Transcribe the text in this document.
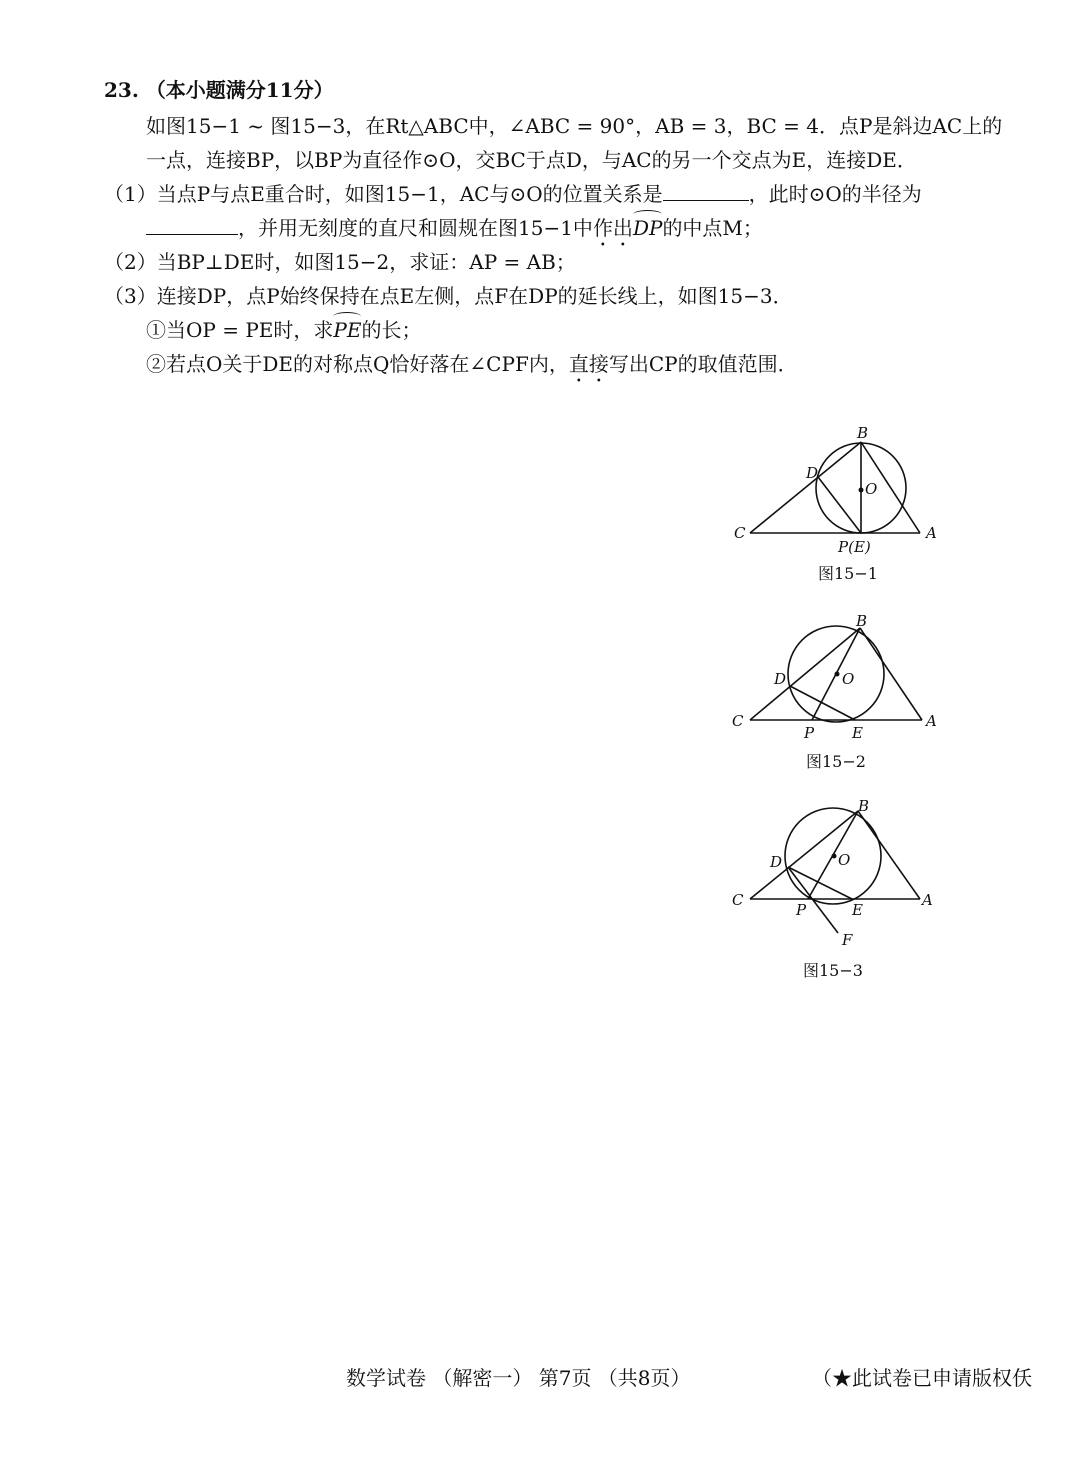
23. （本小题满分11分）
如图15−1 ~ 图15−3，在Rt△ABC中，∠ABC = 90°，AB = 3，BC = 4．点P是斜边AC上的
一点，连接BP，以BP为直径作⊙O，交BC于点D，与AC的另一个交点为E，连接DE．
（1）当点P与点E重合时，如图15−1，AC与⊙O的位置关系是	，此时⊙O的半径为
，并用无刻度的直尺和圆规在图15−1中作出DP的中点M；
（2）当BP⊥DE时，如图15−2，求证：AP = AB；
（3）连接DP，点P始终保持在点E左侧，点F在DP的延长线上，如图15−3．
①当OP = PE时，求PE的长；
②若点O关于DE的对称点Q恰好落在∠CPF内，直接写出CP的取值范围．
B
D
O
C	A
P(E)
图15−1
B
D	O
C	A
P	E
图15−2
B
D	O
C	A
P	E
F
图15−3
数学试卷 （解密一） 第7页 （共8页）	（★此试卷已申请版权仸
